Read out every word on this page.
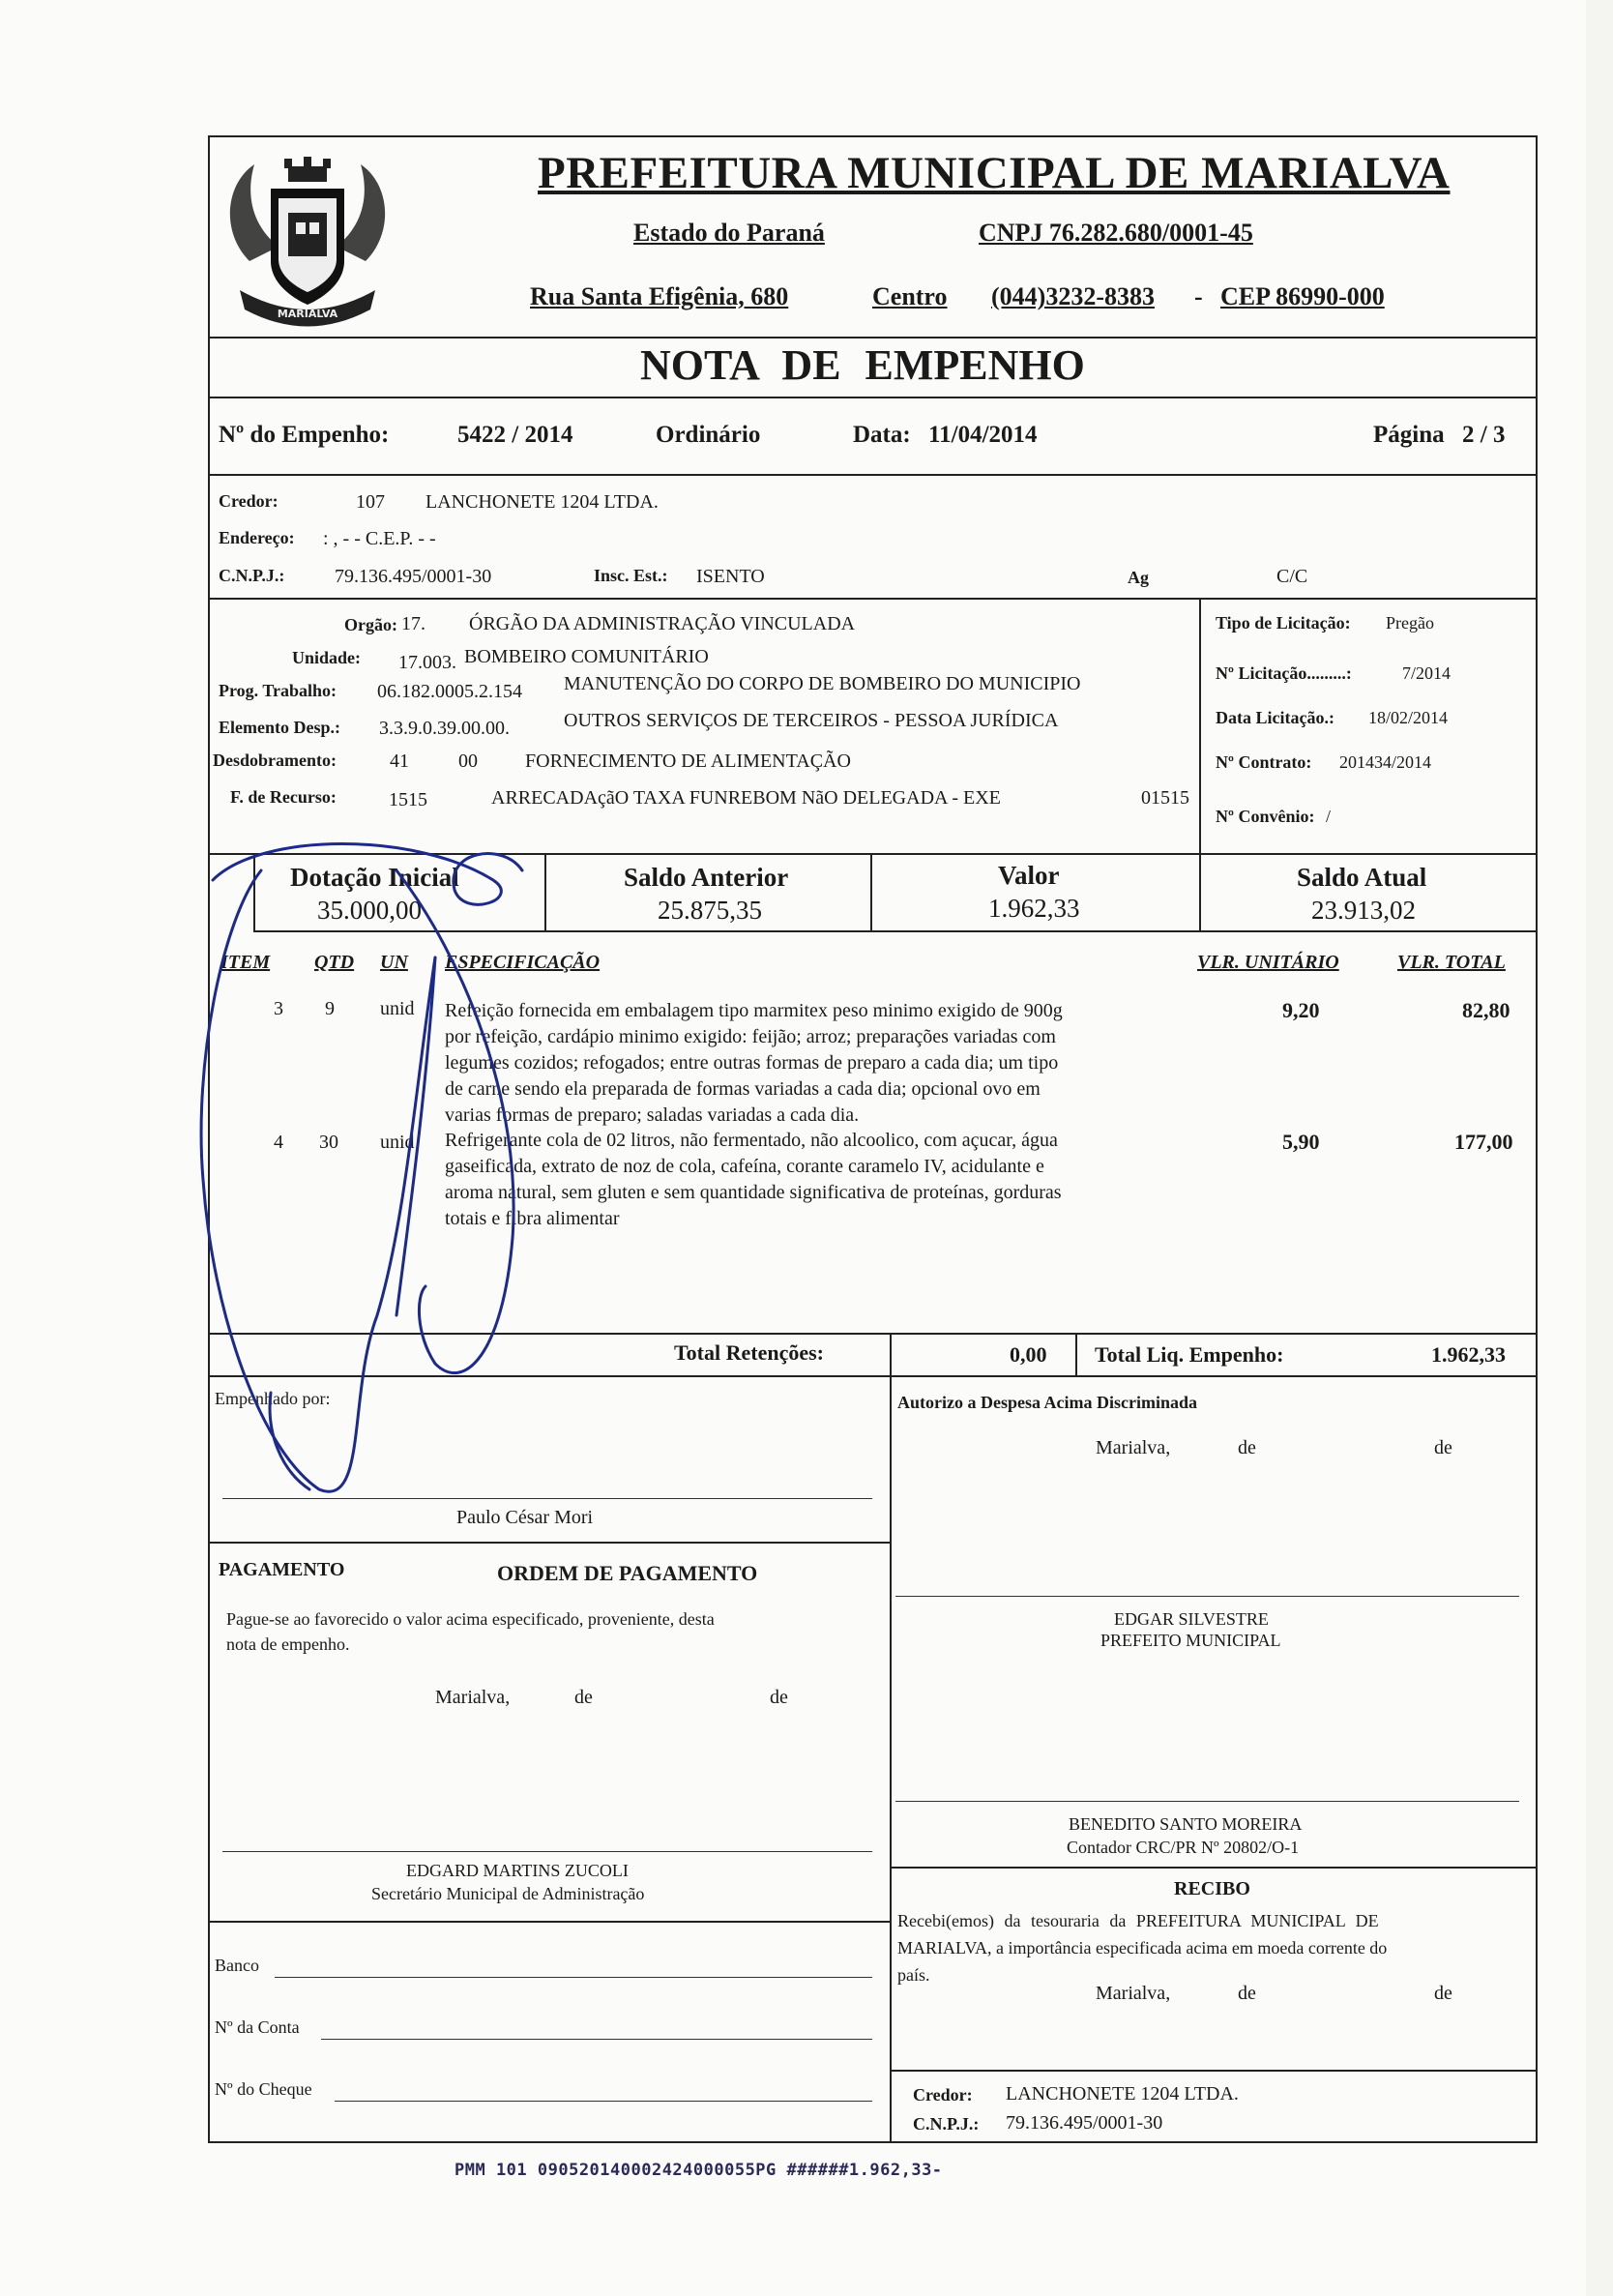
MARIALVA
PREFEITURA MUNICIPAL DE MARIALVA
Estado do Paraná	CNPJ 76.282.680/0001-45
Rua Santa Efigênia, 680	Centro (044)3232-8383 - CEP 86990-000
NOTA DE EMPENHO
Nº do Empenho:	5422 / 2014	Ordinário	Data: 11/04/2014	Página 2 / 3
Credor:	107 LANCHONETE 1204 LTDA.
Endereço: : , - - C.E.P. - -
C.N.P.J.:	79.136.495/0001-30	Insc. Est.: ISENTO	Ag	C/C
Orgão: 17. ÓRGÃO DA ADMINISTRAÇÃO VINCULADA
Unidade: 17.003. BOMBEIRO COMUNITÁRIO
Prog. Trabalho: 06.182.0005.2.154 MANUTENÇÃO DO CORPO DE BOMBEIRO DO MUNICIPIO
Elemento Desp.: 3.3.9.0.39.00.00.	OUTROS SERVIÇOS DE TERCEIROS - PESSOA JURÍDICA
Desdobramento:	41	00 FORNECIMENTO DE ALIMENTAÇÃO
F. de Recurso:	1515	ARRECADAçãO TAXA FUNREBOM NãO DELEGADA - EXE	01515
Tipo de Licitação: Pregão
Nº Licitação.........:	7/2014
Data Licitação.: 18/02/2014
Nº Contrato: 201434/2014
Nº Convênio: /
Dotação Inicial
35.000,00
Saldo Anterior
25.875,35
Valor
1.962,33
Saldo Atual
23.913,02
ITEM QTD UN ESPECIFICAÇÃO	VLR. UNITÁRIO	VLR. TOTAL
3 9 unid Refeição fornecida em embalagem tipo marmitex peso minimo exigido de 900g
por refeição, cardápio minimo exigido: feijão; arroz; preparações variadas com
legumes cozidos; refogados; entre outras formas de preparo a cada dia; um tipo
de carne sendo ela preparada de formas variadas a cada dia; opcional ovo em
varias formas de preparo; saladas variadas a cada dia.
9,20	82,80
4 30 unid Refrigerante cola de 02 litros, não fermentado, não alcoolico, com açucar, água
gaseificada, extrato de noz de cola, cafeína, corante caramelo IV, acidulante e
aroma natural, sem gluten e sem quantidade significativa de proteínas, gorduras
totais e fibra alimentar
5,90	177,00
Total Retenções:	0,00 Total Liq. Empenho:	1.962,33
Empenhado por:
Paulo César Mori
Autorizo a Despesa Acima Discriminada
Marialva,	de	de
PAGAMENTO	ORDEM DE PAGAMENTO
Pague-se ao favorecido o valor acima especificado, proveniente, desta
nota de empenho.
Marialva,	de	de
EDGAR SILVESTRE
PREFEITO MUNICIPAL
BENEDITO SANTO MOREIRA
Contador CRC/PR Nº 20802/O-1
EDGARD MARTINS ZUCOLI
Secretário Municipal de Administração	RECIBO
Recebi(emos) da tesouraria da PREFEITURA MUNICIPAL DE
MARIALVA, a importância especificada acima em moeda corrente do
país.
Marialva,	de	de
Banco
Nº da Conta
Nº do Cheque	Credor: LANCHONETE 1204 LTDA.
C.N.P.J.: 79.136.495/0001-30
PMM 101 090520140002424000055PG ######1.962,33-
